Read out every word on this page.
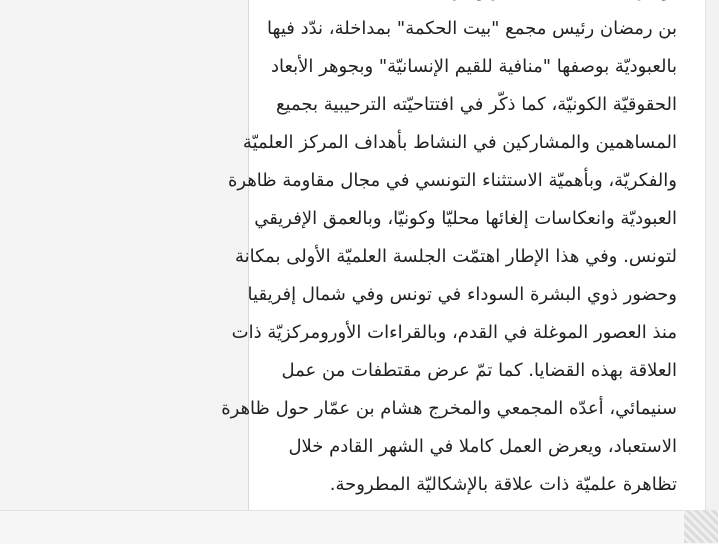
بن رمضان رئيس مجمع "بيت الحكمة" بمداخلة، ندّد فيها
بالعبوديّة بوصفها "منافية للقيم الإنسانيّة" وبجوهر الأبعاد
الحقوقيّة الكونيّة، كما ذكّر في افتتاحيّته الترحيبية بجميع
المساهمين والمشاركين في النشاط بأهداف المركز العلميّة
والفكريّة، وبأهميّة الاستثناء التونسي في مجال مقاومة ظاهرة
العبوديّة وانعكاسات إلغائها محليّا وكونيّا، وبالعمق الإفريقي
لتونس. وفي هذا الإطار اهتمّت الجلسة العلميّة الأولى بمكانة
وحضور ذوي البشرة السوداء في تونس وفي شمال إفريقيا
منذ العصور الموغلة في القدم، وبالقراءات الأورومركزيّة ذات
العلاقة بهذه القضايا. كما تمّ عرض مقتطفات من عمل
سنيمائي، أعدّه المجمعي والمخرج هشام بن عمّار حول ظاهرة
الاستعباد، ويعرض العمل كاملا في الشهر القادم خلال
تظاهرة علميّة ذات علاقة بالإشكاليّة المطروحة.
